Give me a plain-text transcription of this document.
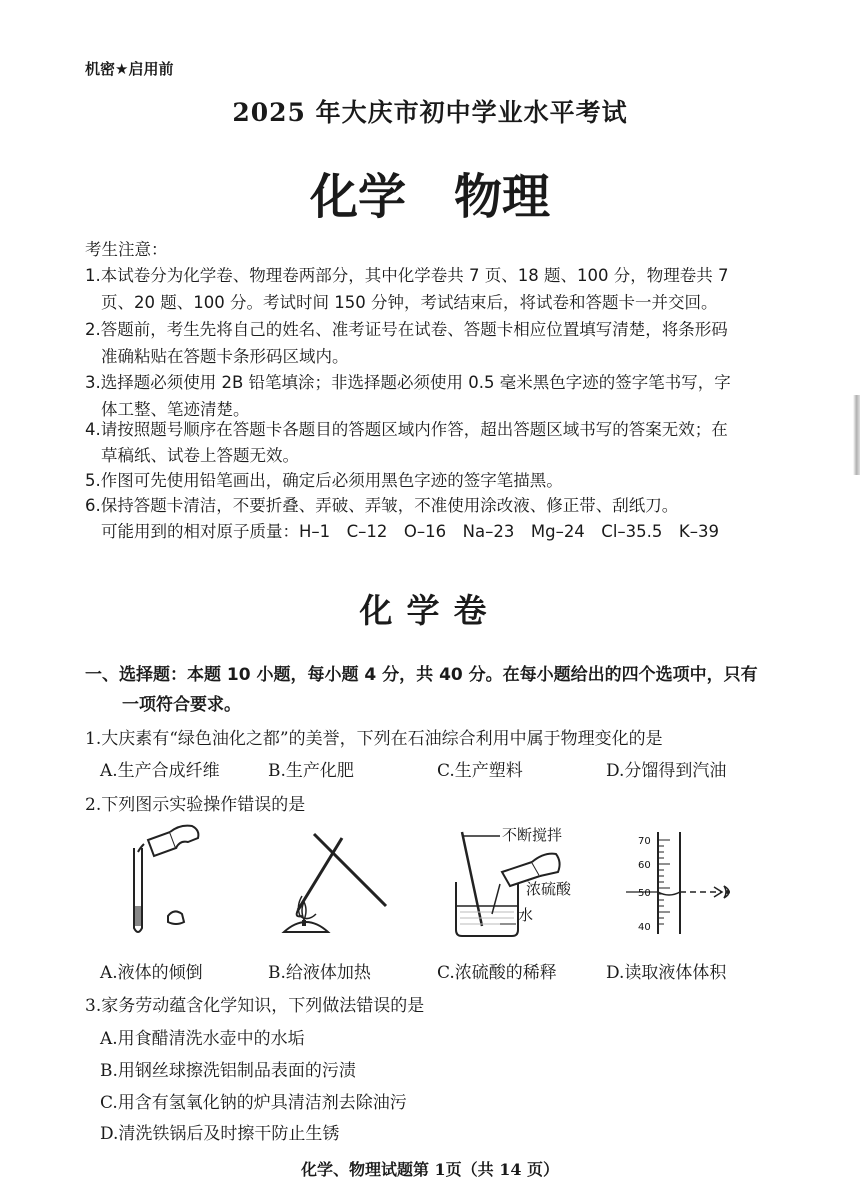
机密★启用前
2025 年大庆市初中学业水平考试
化学　物理
考生注意：
1.本试卷分为化学卷、物理卷两部分，其中化学卷共 7 页、18 题、100 分，物理卷共 7
页、20 题、100 分。考试时间 150 分钟，考试结束后，将试卷和答题卡一并交回。
2.答题前，考生先将自己的姓名、准考证号在试卷、答题卡相应位置填写清楚，将条形码
准确粘贴在答题卡条形码区域内。
3.选择题必须使用 2B 铅笔填涂；非选择题必须使用 0.5 毫米黑色字迹的签字笔书写，字
体工整、笔迹清楚。
4.请按照题号顺序在答题卡各题目的答题区域内作答，超出答题区域书写的答案无效；在
草稿纸、试卷上答题无效。
5.作图可先使用铅笔画出，确定后必须用黑色字迹的签字笔描黑。
6.保持答题卡清洁，不要折叠、弄破、弄皱，不准使用涂改液、修正带、刮纸刀。
可能用到的相对原子质量：H–1　C–12　O–16　Na–23　Mg–24　Cl–35.5　K–39
化学卷
一、选择题：本题 10 小题，每小题 4 分，共 40 分。在每小题给出的四个选项中，只有
一项符合要求。
1.大庆素有“绿色油化之都”的美誉，下列在石油综合利用中属于物理变化的是
A.生产合成纤维	B.生产化肥	C.生产塑料	D.分馏得到汽油
2.下列图示实验操作错误的是
不断搅拌
浓硫酸
水
70
60
50
40
A.液体的倾倒	B.给液体加热	C.浓硫酸的稀释	D.读取液体体积
3.家务劳动蕴含化学知识，下列做法错误的是
A.用食醋清洗水壶中的水垢
B.用钢丝球擦洗铝制品表面的污渍
C.用含有氢氧化钠的炉具清洁剂去除油污
D.清洗铁锅后及时擦干防止生锈
化学、物理试题第 1页（共 14 页）
